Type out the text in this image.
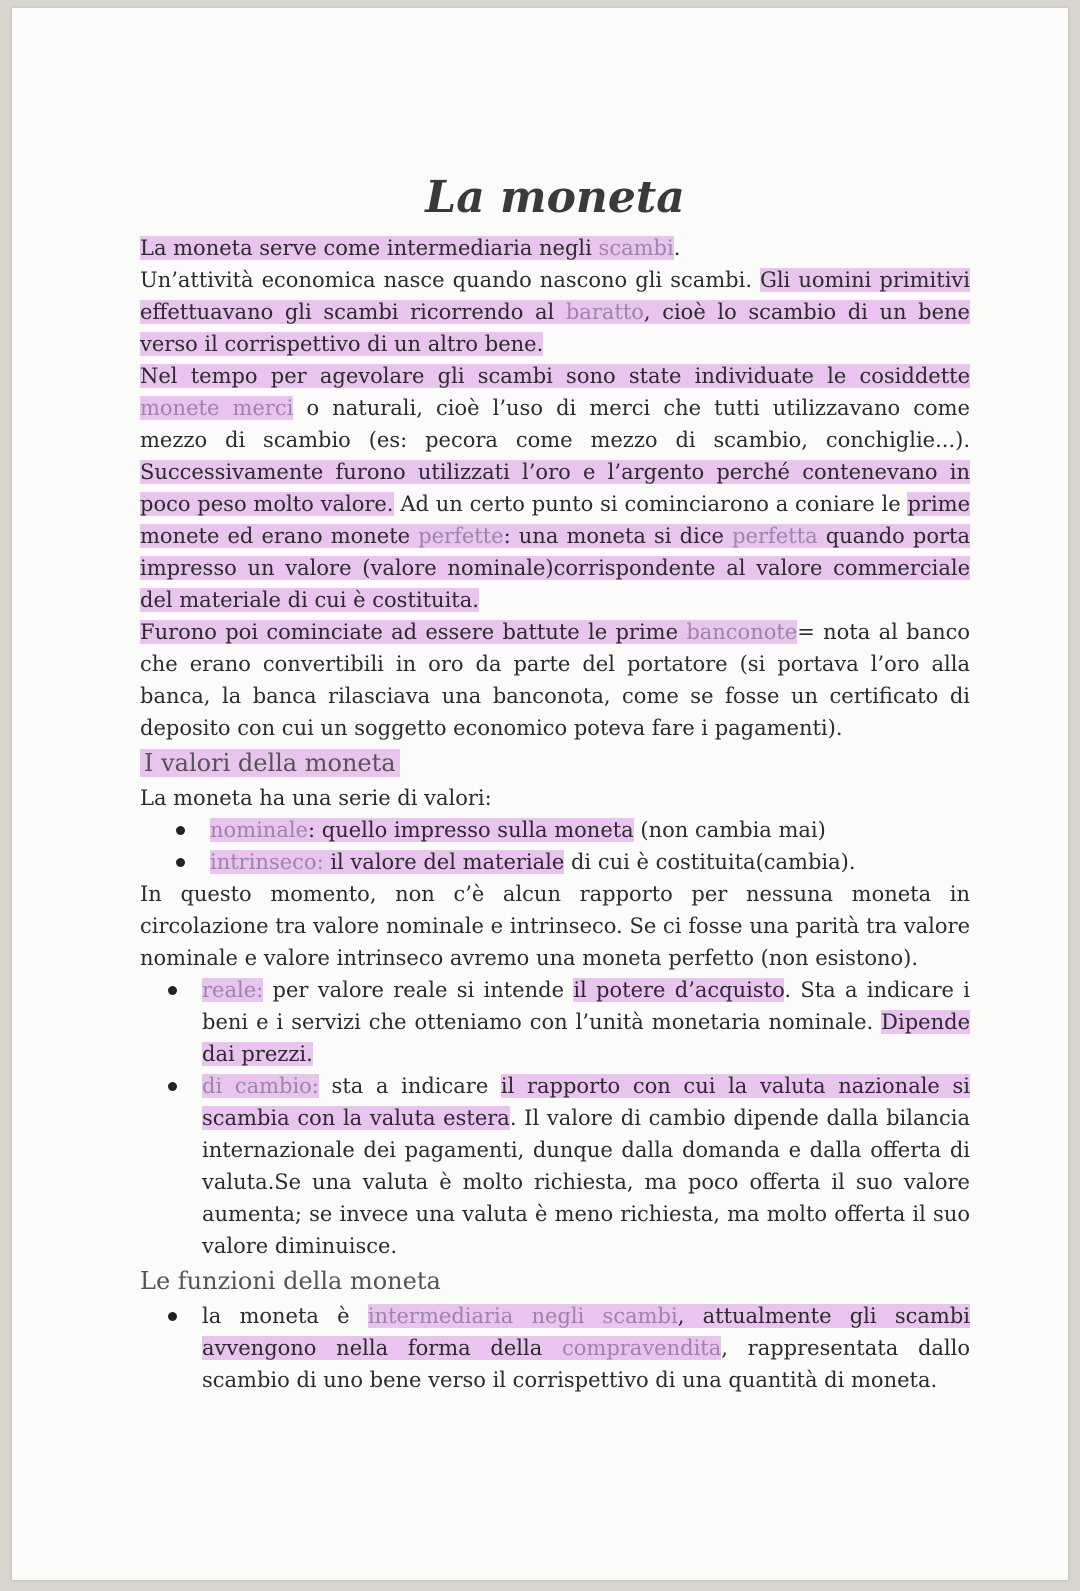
La moneta

La moneta serve come intermediaria negli scambi.

Un’attività economica nasce quando nascono gli scambi. Gli uomini primitivi effettuavano gli scambi ricorrendo al baratto, cioè lo scambio di un bene verso il corrispettivo di un altro bene.

Nel tempo per agevolare gli scambi sono state individuate le cosiddette monete merci o naturali, cioè l’uso di merci che tutti utilizzavano come mezzo di scambio (es: pecora come mezzo di scambio, conchiglie...). Successivamente furono utilizzati l’oro e l’argento perché contenevano in poco peso molto valore. Ad un certo punto si cominciarono a coniare le prime monete ed erano monete perfette: una moneta si dice perfetta quando porta impresso un valore (valore nominale)corrispondente al valore commerciale del materiale di cui è costituita.

Furono poi cominciate ad essere battute le prime banconote= nota al banco che erano convertibili in oro da parte del portatore (si portava l’oro alla banca, la banca rilasciava una banconota, come se fosse un certificato di deposito con cui un soggetto economico poteva fare i pagamenti).

I valori della moneta

La moneta ha una serie di valori:

nominale: quello impresso sulla moneta (non cambia mai)
intrinseco: il valore del materiale di cui è costituita(cambia).

In questo momento, non c’è alcun rapporto per nessuna moneta in circolazione tra valore nominale e intrinseco. Se ci fosse una parità tra valore nominale e valore intrinseco avremo una moneta perfetto (non esistono).

reale: per valore reale si intende il potere d’acquisto. Sta a indicare i beni e i servizi che otteniamo con l’unità monetaria nominale. Dipende dai prezzi.
di cambio: sta a indicare il rapporto con cui la valuta nazionale si scambia con la valuta estera. Il valore di cambio dipende dalla bilancia internazionale dei pagamenti, dunque dalla domanda e dalla offerta di valuta.Se una valuta è molto richiesta, ma poco offerta il suo valore aumenta; se invece una valuta è meno richiesta, ma molto offerta il suo valore diminuisce.
Le funzioni della moneta
la moneta è intermediaria negli scambi, attualmente gli scambi avvengono nella forma della compravendita, rappresentata dallo scambio di uno bene verso il corrispettivo di una quantità di moneta.
